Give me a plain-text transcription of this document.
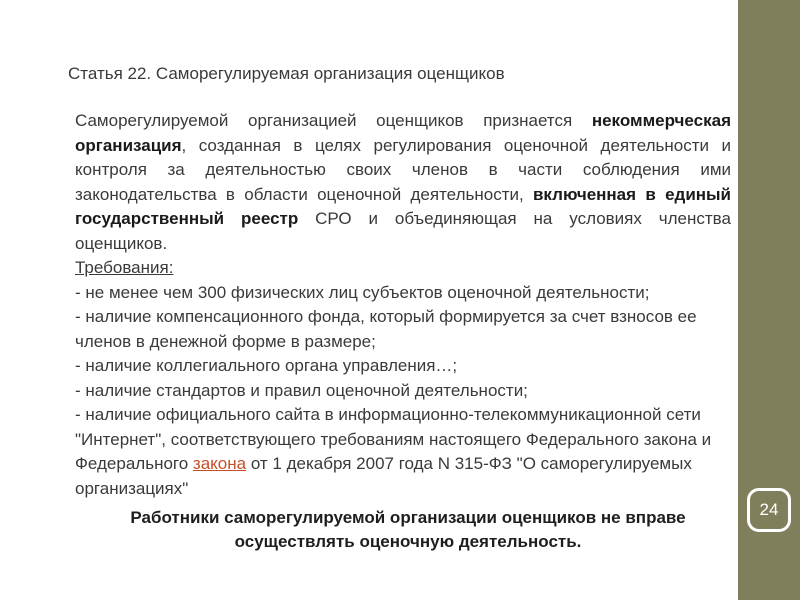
24
Статья 22. Саморегулируемая организация оценщиков

Саморегулируемой организацией оценщиков признается некоммерческая организация, созданная в целях регулирования оценочной деятельности и контроля за деятельностью своих членов в части соблюдения ими законодательства в области оценочной деятельности, включенная в единый государственный реестр СРО и объединяющая на условиях членства оценщиков.

Требования:

- не менее чем 300 физических лиц субъектов оценочной деятельности;

- наличие компенсационного фонда, который формируется за счет взносов ее членов в денежной форме в размере;

- наличие коллегиального органа управления…;

- наличие стандартов и правил оценочной деятельности;

- наличие официального сайта в информационно-телекоммуникационной сети "Интернет", соответствующего требованиям настоящего Федерального закона и Федерального закона от 1 декабря 2007 года N 315-ФЗ "О саморегулируемых организациях"

Работники саморегулируемой организации оценщиков не вправе осуществлять оценочную деятельность.
